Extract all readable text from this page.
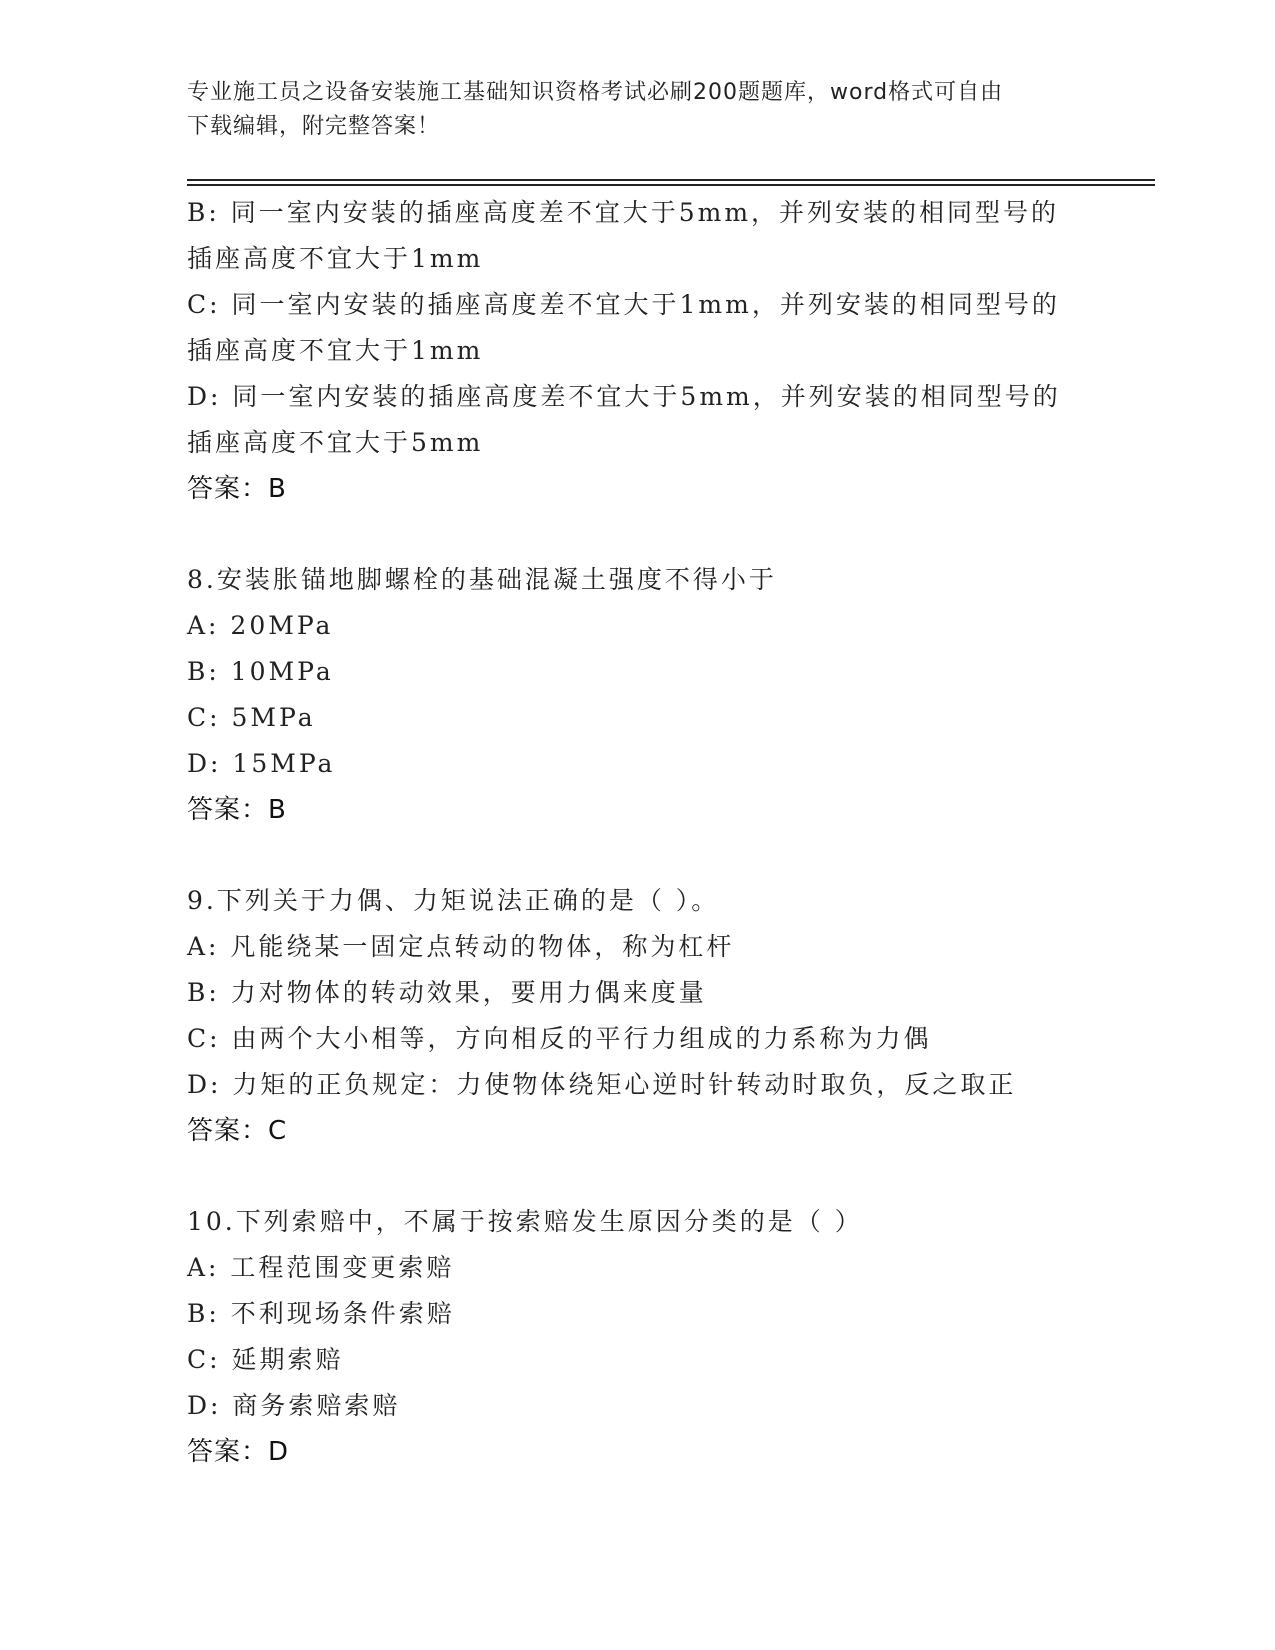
专业施工员之设备安装施工基础知识资格考试必刷200题题库，word格式可自由
下载编辑，附完整答案！
B: 同一室内安装的插座高度差不宜大于5mm，并列安装的相同型号的
插座高度不宜大于1mm
C: 同一室内安装的插座高度差不宜大于1mm，并列安装的相同型号的
插座高度不宜大于1mm
D: 同一室内安装的插座高度差不宜大于5mm，并列安装的相同型号的
插座高度不宜大于5mm
答案：B
8.安装胀锚地脚螺栓的基础混凝土强度不得小于
A: 20MPa
B: 10MPa
C: 5MPa
D: 15MPa
答案：B
9.下列关于力偶、力矩说法正确的是（ ）。
A: 凡能绕某一固定点转动的物体，称为杠杆
B: 力对物体的转动效果，要用力偶来度量
C: 由两个大小相等，方向相反的平行力组成的力系称为力偶
D: 力矩的正负规定：力使物体绕矩心逆时针转动时取负，反之取正
答案：C
10.下列索赔中，不属于按索赔发生原因分类的是（ ）
A: 工程范围变更索赔
B: 不利现场条件索赔
C: 延期索赔
D: 商务索赔索赔
答案：D
